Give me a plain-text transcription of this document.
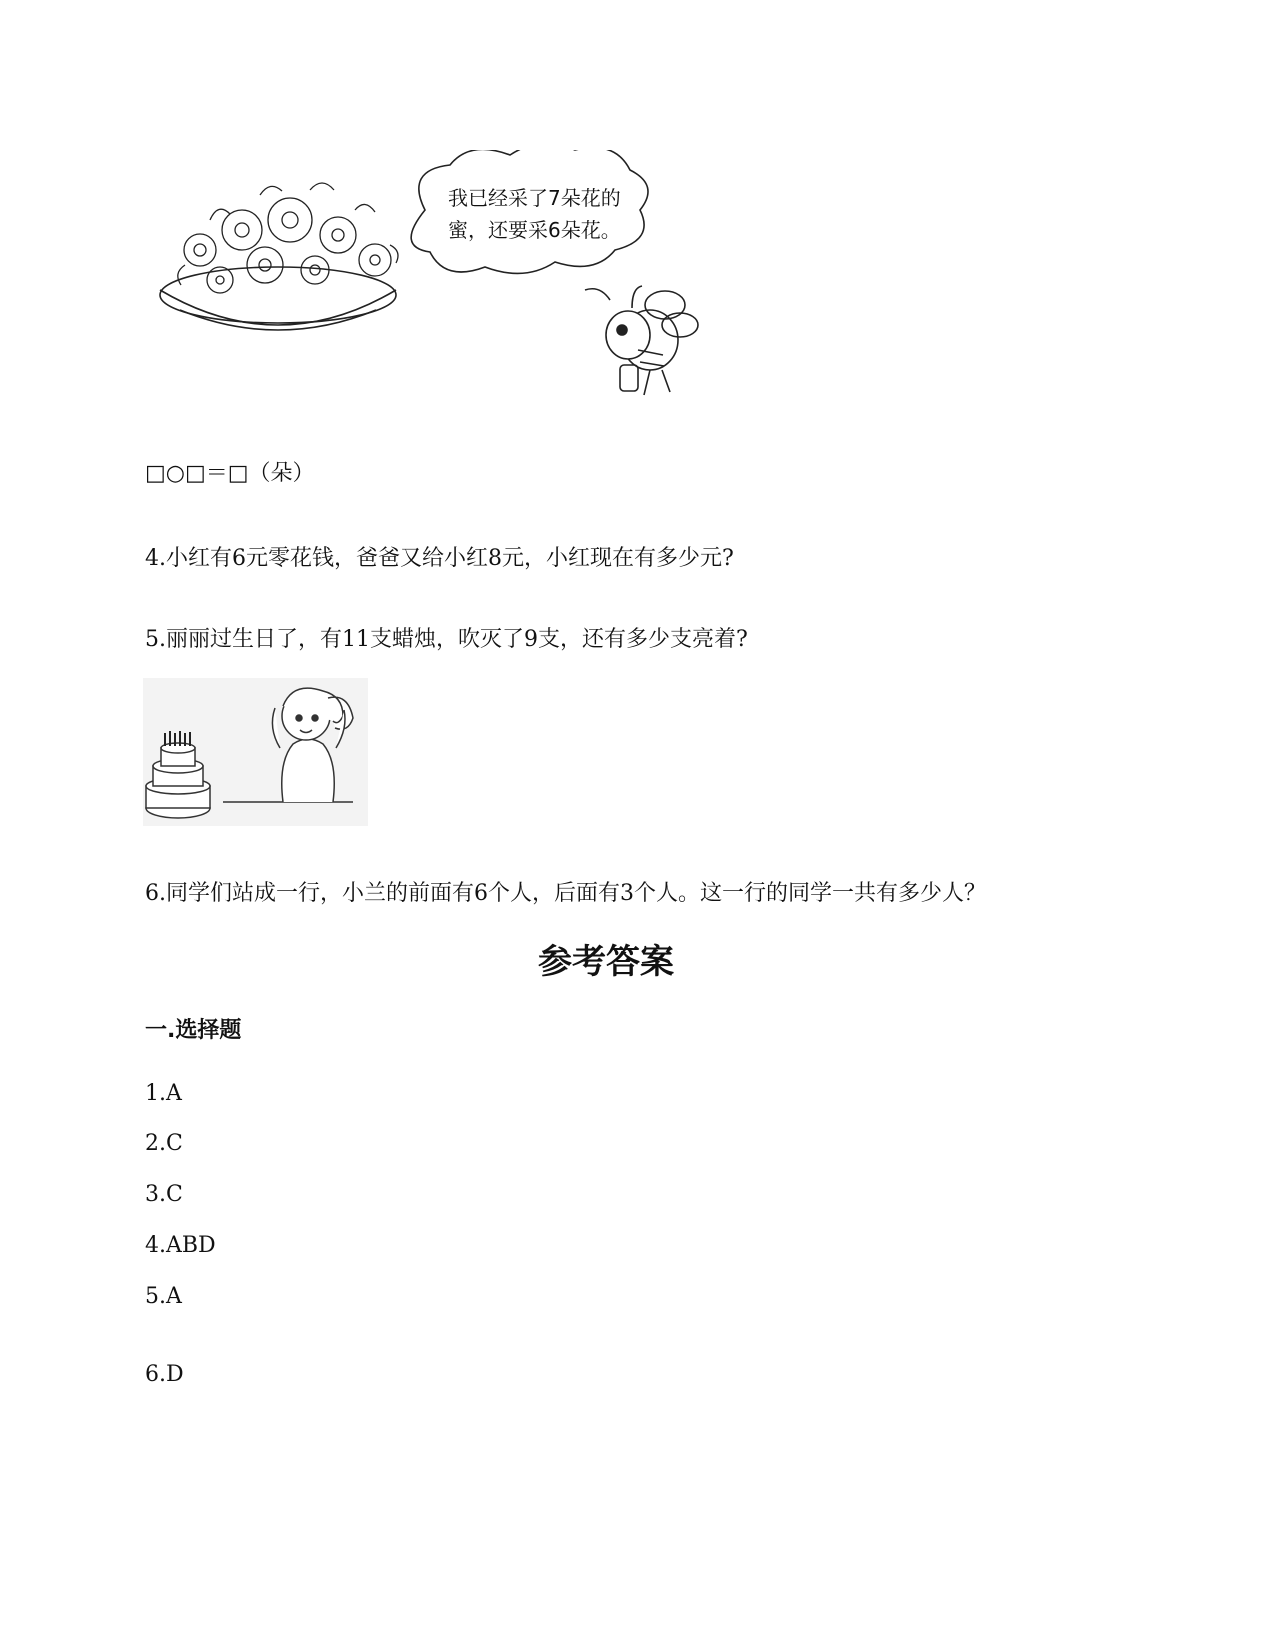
我已经采了7朵花的
蜜，还要采6朵花。
□○□＝□（朵）
4.小红有6元零花钱，爸爸又给小红8元，小红现在有多少元?
5.丽丽过生日了，有11支蜡烛，吹灭了9支，还有多少支亮着?
6.同学们站成一行，小兰的前面有6个人，后面有3个人。这一行的同学一共有多少人？
参考答案
一.选择题
1.A
2.C
3.C
4.ABD
5.A
6.D
